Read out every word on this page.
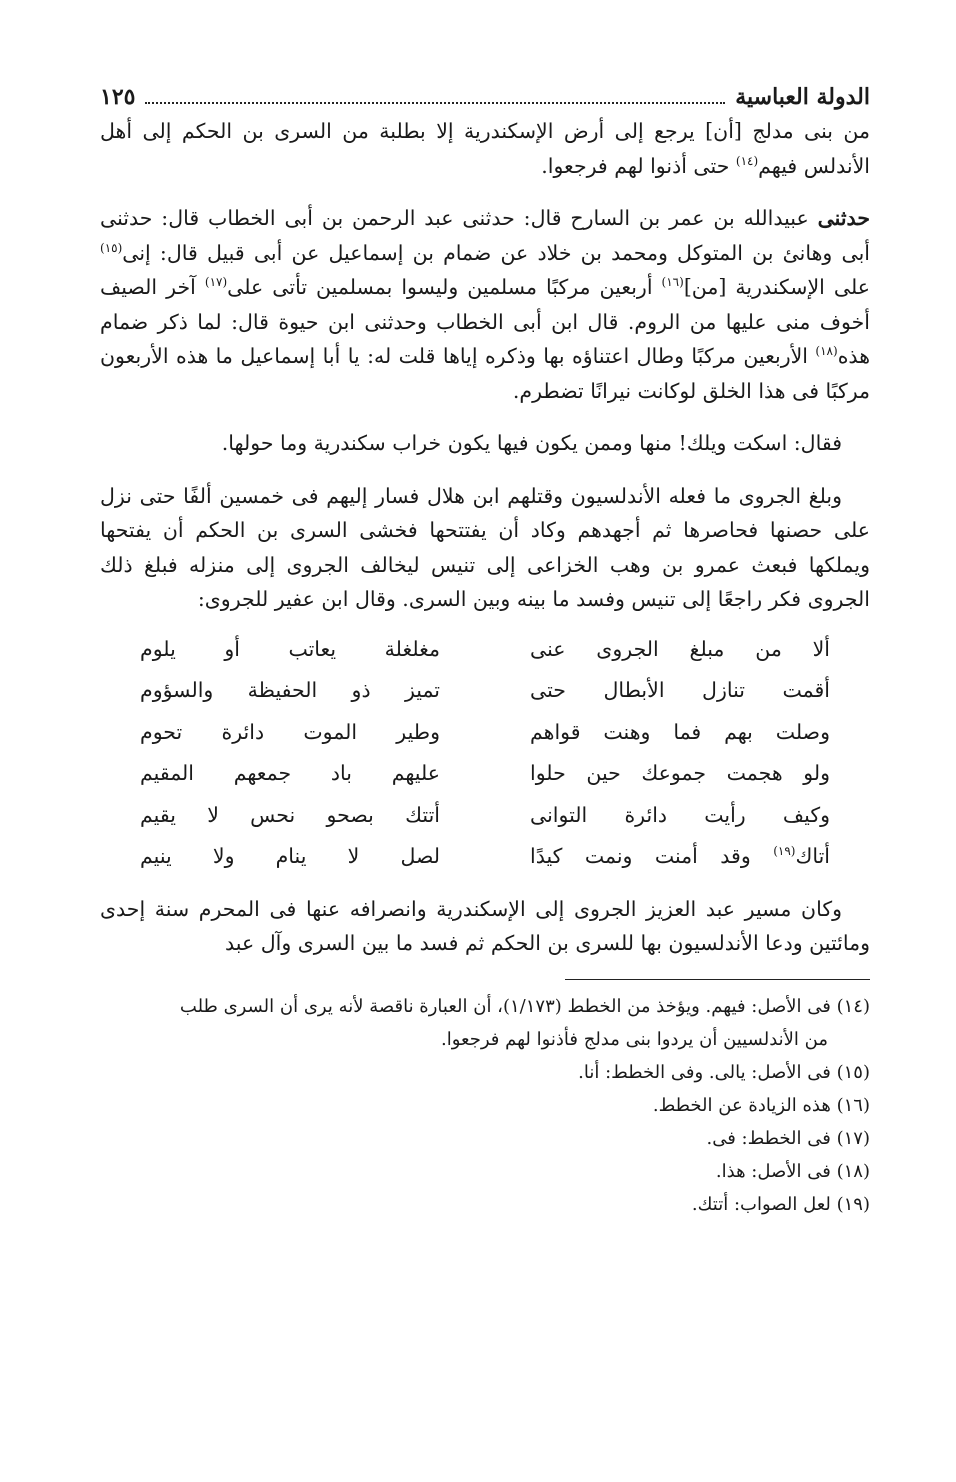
الدولة العباسية
١٢٥

من بنى مدلج [أن] يرجع إلى أرض الإسكندرية إلا بطلبة من السرى بن الحكم إلى أهل الأندلس فيهم$^{(١٤)}$ حتى أذنوا لهم فرجعوا.

حدثنى عبيدالله بن عمر بن السارح قال: حدثنى عبد الرحمن بن أبى الخطاب قال: حدثنى أبى وهانئ بن المتوكل ومحمد بن خلاد عن ضمام بن إسماعيل عن أبى قبيل قال: إنى$^{(١٥)}$ على الإسكندرية [من]$^{(١٦)}$ أربعين مركبًا مسلمين وليسوا بمسلمين تأتى على$^{(١٧)}$ آخر الصيف أخوف منى عليها من الروم. قال ابن أبى الخطاب وحدثنى ابن حيوة قال: لما ذكر ضمام هذه$^{(١٨)}$ الأربعين مركبًا وطال اعتناؤه بها وذكره إياها قلت له: يا أبا إسماعيل ما هذه الأربعون مركبًا فى هذا الخلق لوكانت نيرانًا تضطرم.

فقال: اسكت ويلك! منها وممن يكون فيها يكون خراب سكندرية وما حولها.

وبلغ الجروى ما فعله الأندلسيون وقتلهم ابن هلال فسار إليهم فى خمسين ألفًا حتى نزل على حصنها فحاصرها ثم أجهدهم وكاد أن يفتتحها فخشى السرى بن الحكم أن يفتحها ويملكها فبعث عمرو بن وهب الخزاعى إلى تنيس ليخالف الجروى إلى منزله فبلغ ذلك الجروى فكر راجعًا إلى تنيس وفسد ما بينه وبين السرى. وقال ابن عفير للجروى:

ألا من مبلغ الجروى عنى
مغلغلة يعاتب أو يلوم
أقمت تنازل الأبطال حتى
تميز ذو الحفيظة والسؤوم
وصلت بهم فما وهنت قواهم
وطير الموت دائرة تحوم
ولو هجمت جموعك حين حلوا
عليهم باد جمعهم المقيم
وكيف رأيت دائرة التوانى
أتتك بصحو نحس لا يقيم
أتاك$^{(١٩)}$ وقد أمنت ونمت كيدًا
لصل لا ينام ولا ينيم

وكان مسير عبد العزيز الجروى إلى الإسكندرية وانصرافه عنها فى المحرم سنة إحدى ومائتين ودعا الأندلسيون بها للسرى بن الحكم ثم فسد ما بين السرى وآل عبد

(١٤) فى الأصل: فيهم. ويؤخذ من الخطط (١/١٧٣)، أن العبارة ناقصة لأنه يرى أن السرى طلب

من الأندلسيين أن يردوا بنى مدلج فأذنوا لهم فرجعوا.

(١٥) فى الأصل: يالى. وفى الخطط: أنا.

(١٦) هذه الزيادة عن الخطط.

(١٧) فى الخطط: فى.

(١٨) فى الأصل: هذا.

(١٩) لعل الصواب: أتتك.
